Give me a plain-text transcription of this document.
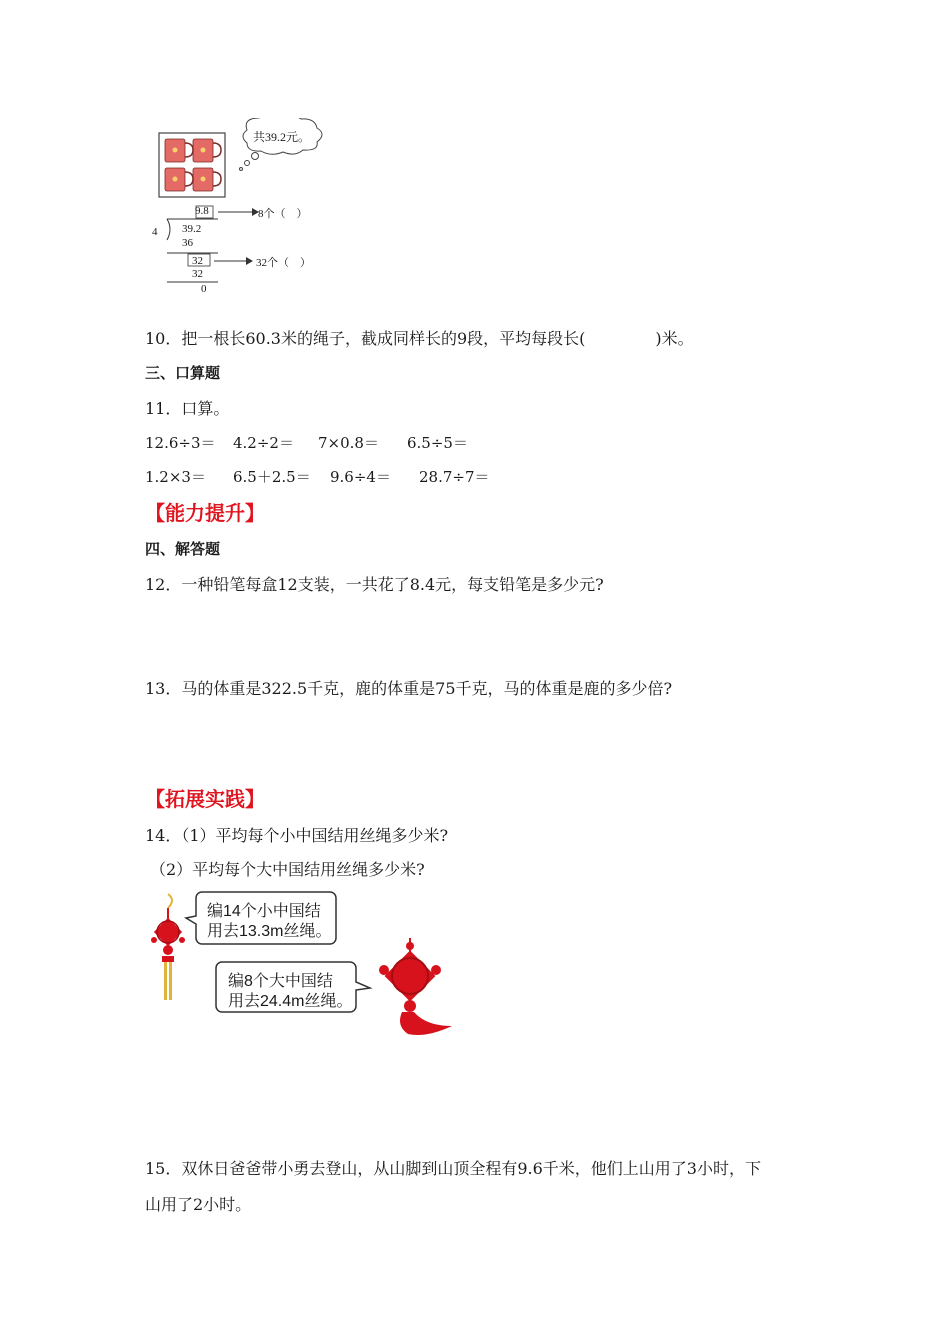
共39.2元。
9.8
4 39.2
36
32
32
0
8个（　）
32个（　）
10．把一根长60.3米的绳子，截成同样长的9段，平均每段长(	)米。
三、口算题
11．口算。
12.6÷3＝ 4.2÷2＝ 7×0.8＝ 6.5÷5＝
1.2×3＝ 6.5＋2.5＝ 9.6÷4＝ 28.7÷7＝
【能力提升】
四、解答题
12．一种铅笔每盒12支装，一共花了8.4元，每支铅笔是多少元?
13．马的体重是322.5千克，鹿的体重是75千克，马的体重是鹿的多少倍?
【拓展实践】
14．（1）平均每个小中国结用丝绳多少米?
（2）平均每个大中国结用丝绳多少米?
编14个小中国结
用去13.3m丝绳。
编8个大中国结
用去24.4m丝绳。
15．双休日爸爸带小勇去登山，从山脚到山顶全程有9.6千米，他们上山用了3小时，下
山用了2小时。
